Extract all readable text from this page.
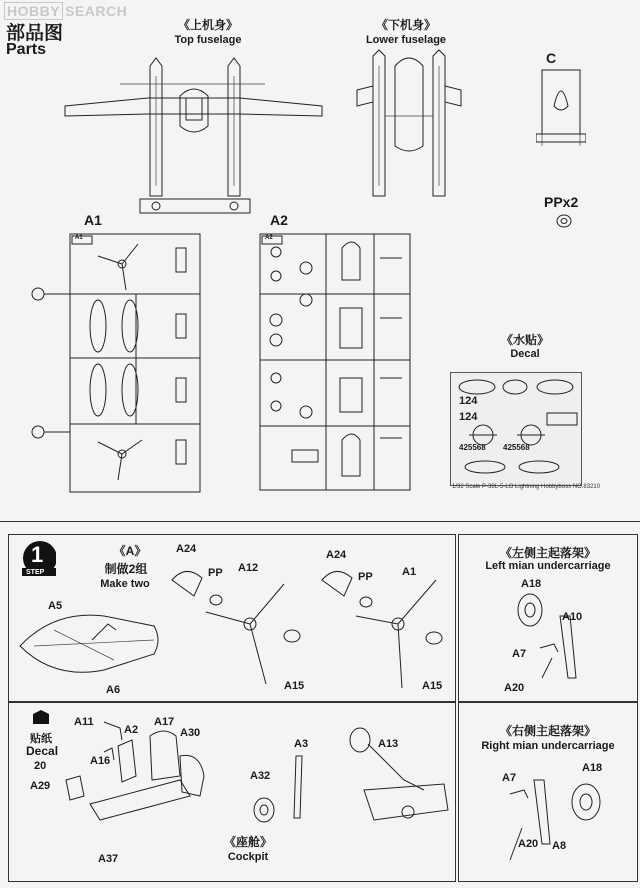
HOBBY SEARCH
部品图
Parts
《上机身》
Top fuselage
《下机身》
Lower fuselage
C
PPx2
A1
A1
A2
A2
《水贴》
Decal
124
124
425568
425568
1/32 Scale P-38L-5-LO Lightning Hobbyboss NO.83210
1
STEP
《A》
制做2组
Make two
A5
A6
A24
PP A12
A15
A24
PP	A1
A15
《左侧主起落架》
Left mian undercarriage
A18
A10
A7
A20
《右侧主起落架》
Right mian undercarriage
A7
A18
A20 A8
贴纸
Decal
20
A11
A2
A17
A30
A16
A29
A37
A3
A32
A13
《座舱》
Cockpit
